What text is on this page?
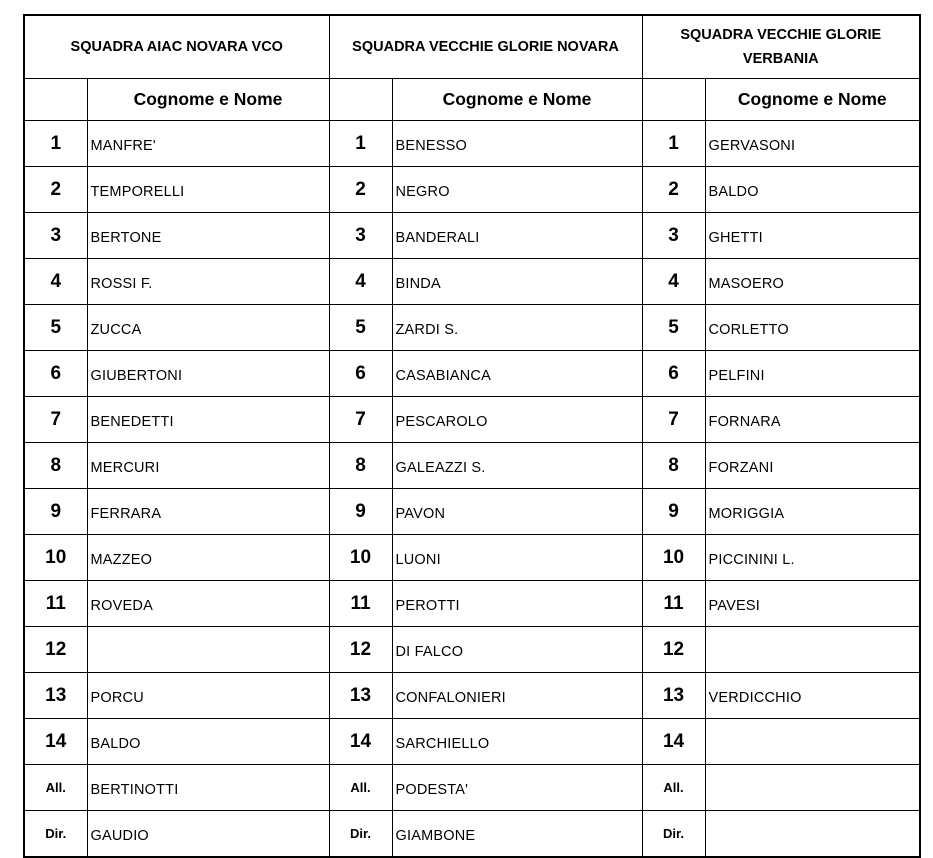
SQUADRA AIAC NOVARA VCO		SQUADRA VECCHIE GLORIE NOVARA		SQUADRA VECCHIE GLORIE VERBANIA	
	Cognome e Nome		Cognome e Nome		Cognome e Nome
1	MANFRE'	1	BENESSO	1	GERVASONI
2	TEMPORELLI	2	NEGRO	2	BALDO
3	BERTONE	3	BANDERALI	3	GHETTI
4	ROSSI F.	4	BINDA	4	MASOERO
5	ZUCCA	5	ZARDI S.	5	CORLETTO
6	GIUBERTONI	6	CASABIANCA	6	PELFINI
7	BENEDETTI	7	PESCAROLO	7	FORNARA
8	MERCURI	8	GALEAZZI S.	8	FORZANI
9	FERRARA	9	PAVON	9	MORIGGIA
10	MAZZEO	10	LUONI	10	PICCININI L.
11	ROVEDA	11	PEROTTI	11	PAVESI
12		12	DI FALCO	12	
13	PORCU	13	CONFALONIERI	13	VERDICCHIO
14	BALDO	14	SARCHIELLO	14	
All.	BERTINOTTI	All.	PODESTA'	All.	
Dir.	GAUDIO	Dir.	GIAMBONE	Dir.	
